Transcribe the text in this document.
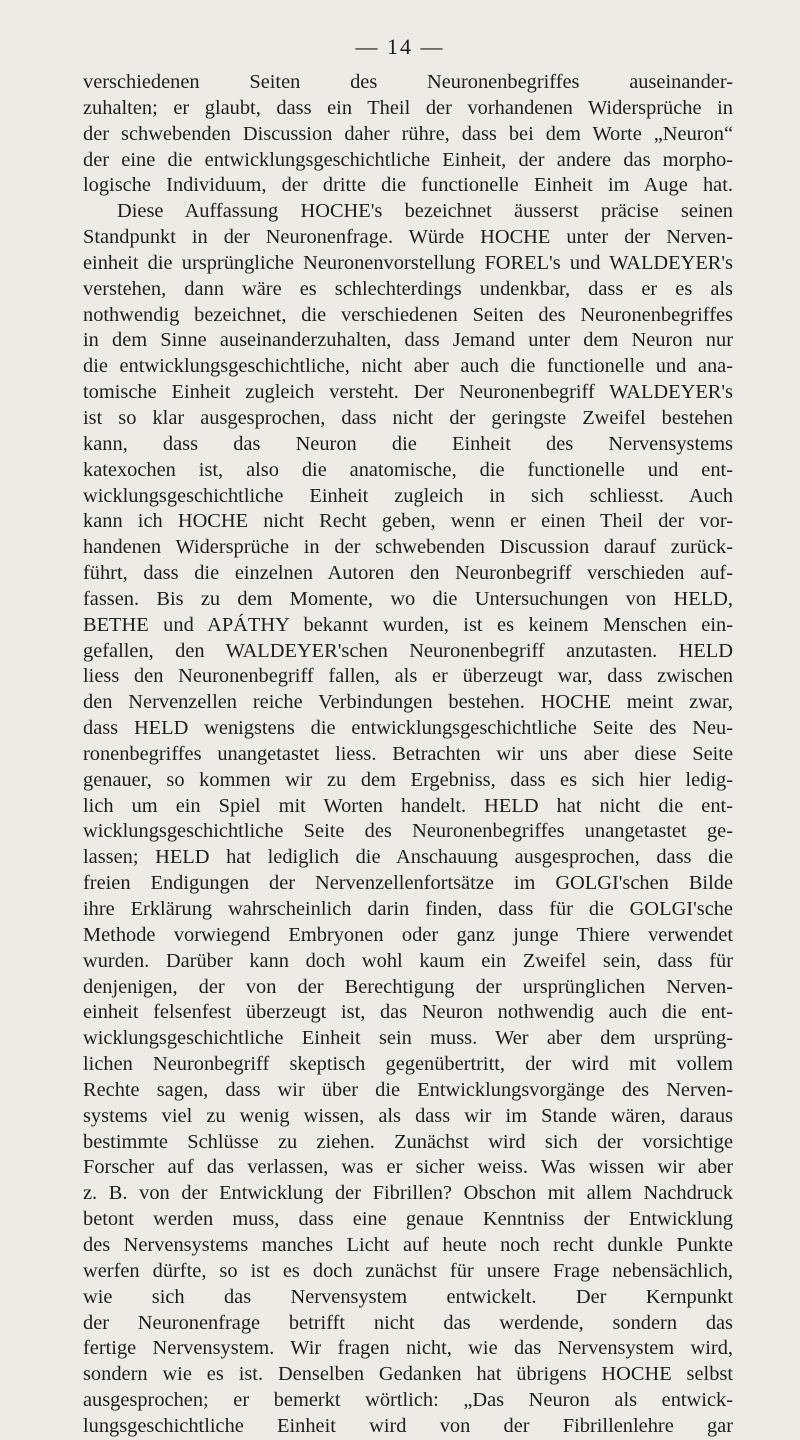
— 14 —
verschiedenen Seiten des Neuronenbegriffes auseinander-
zuhalten; er glaubt, dass ein Theil der vorhandenen Widersprüche in
der schwebenden Discussion daher rühre, dass bei dem Worte „Neuron“
der eine die entwicklungsgeschichtliche Einheit, der andere das morpho-
logische Individuum, der dritte die functionelle Einheit im Auge hat.
Diese Auffassung HOCHE's bezeichnet äusserst präcise seinen
Standpunkt in der Neuronenfrage. Würde HOCHE unter der Nerven-
einheit die ursprüngliche Neuronenvorstellung FOREL's und WALDEYER's
verstehen, dann wäre es schlechterdings undenkbar, dass er es als
nothwendig bezeichnet, die verschiedenen Seiten des Neuronenbegriffes
in dem Sinne auseinanderzuhalten, dass Jemand unter dem Neuron nur
die entwicklungsgeschichtliche, nicht aber auch die functionelle und ana-
tomische Einheit zugleich versteht. Der Neuronenbegriff WALDEYER's
ist so klar ausgesprochen, dass nicht der geringste Zweifel bestehen
kann, dass das Neuron die Einheit des Nervensystems
katexochen ist, also die anatomische, die functionelle und ent-
wicklungsgeschichtliche Einheit zugleich in sich schliesst. Auch
kann ich HOCHE nicht Recht geben, wenn er einen Theil der vor-
handenen Widersprüche in der schwebenden Discussion darauf zurück-
führt, dass die einzelnen Autoren den Neuronbegriff verschieden auf-
fassen. Bis zu dem Momente, wo die Untersuchungen von HELD,
BETHE und APÁTHY bekannt wurden, ist es keinem Menschen ein-
gefallen, den WALDEYER'schen Neuronenbegriff anzutasten. HELD
liess den Neuronenbegriff fallen, als er überzeugt war, dass zwischen
den Nervenzellen reiche Verbindungen bestehen. HOCHE meint zwar,
dass HELD wenigstens die entwicklungsgeschichtliche Seite des Neu-
ronenbegriffes unangetastet liess. Betrachten wir uns aber diese Seite
genauer, so kommen wir zu dem Ergebniss, dass es sich hier ledig-
lich um ein Spiel mit Worten handelt. HELD hat nicht die ent-
wicklungsgeschichtliche Seite des Neuronenbegriffes unangetastet ge-
lassen; HELD hat lediglich die Anschauung ausgesprochen, dass die
freien Endigungen der Nervenzellenfortsätze im GOLGI'schen Bilde
ihre Erklärung wahrscheinlich darin finden, dass für die GOLGI'sche
Methode vorwiegend Embryonen oder ganz junge Thiere verwendet
wurden. Darüber kann doch wohl kaum ein Zweifel sein, dass für
denjenigen, der von der Berechtigung der ursprünglichen Nerven-
einheit felsenfest überzeugt ist, das Neuron nothwendig auch die ent-
wicklungsgeschichtliche Einheit sein muss. Wer aber dem ursprüng-
lichen Neuronbegriff skeptisch gegenübertritt, der wird mit vollem
Rechte sagen, dass wir über die Entwicklungsvorgänge des Nerven-
systems viel zu wenig wissen, als dass wir im Stande wären, daraus
bestimmte Schlüsse zu ziehen. Zunächst wird sich der vorsichtige
Forscher auf das verlassen, was er sicher weiss. Was wissen wir aber
z. B. von der Entwicklung der Fibrillen? Obschon mit allem Nachdruck
betont werden muss, dass eine genaue Kenntniss der Entwicklung
des Nervensystems manches Licht auf heute noch recht dunkle Punkte
werfen dürfte, so ist es doch zunächst für unsere Frage nebensächlich,
wie sich das Nervensystem entwickelt. Der Kernpunkt
der Neuronenfrage betrifft nicht das werdende, sondern das
fertige Nervensystem. Wir fragen nicht, wie das Nervensystem wird,
sondern wie es ist. Denselben Gedanken hat übrigens HOCHE selbst
ausgesprochen; er bemerkt wörtlich: „Das Neuron als entwick-
lungsgeschichtliche Einheit wird von der Fibrillenlehre gar
